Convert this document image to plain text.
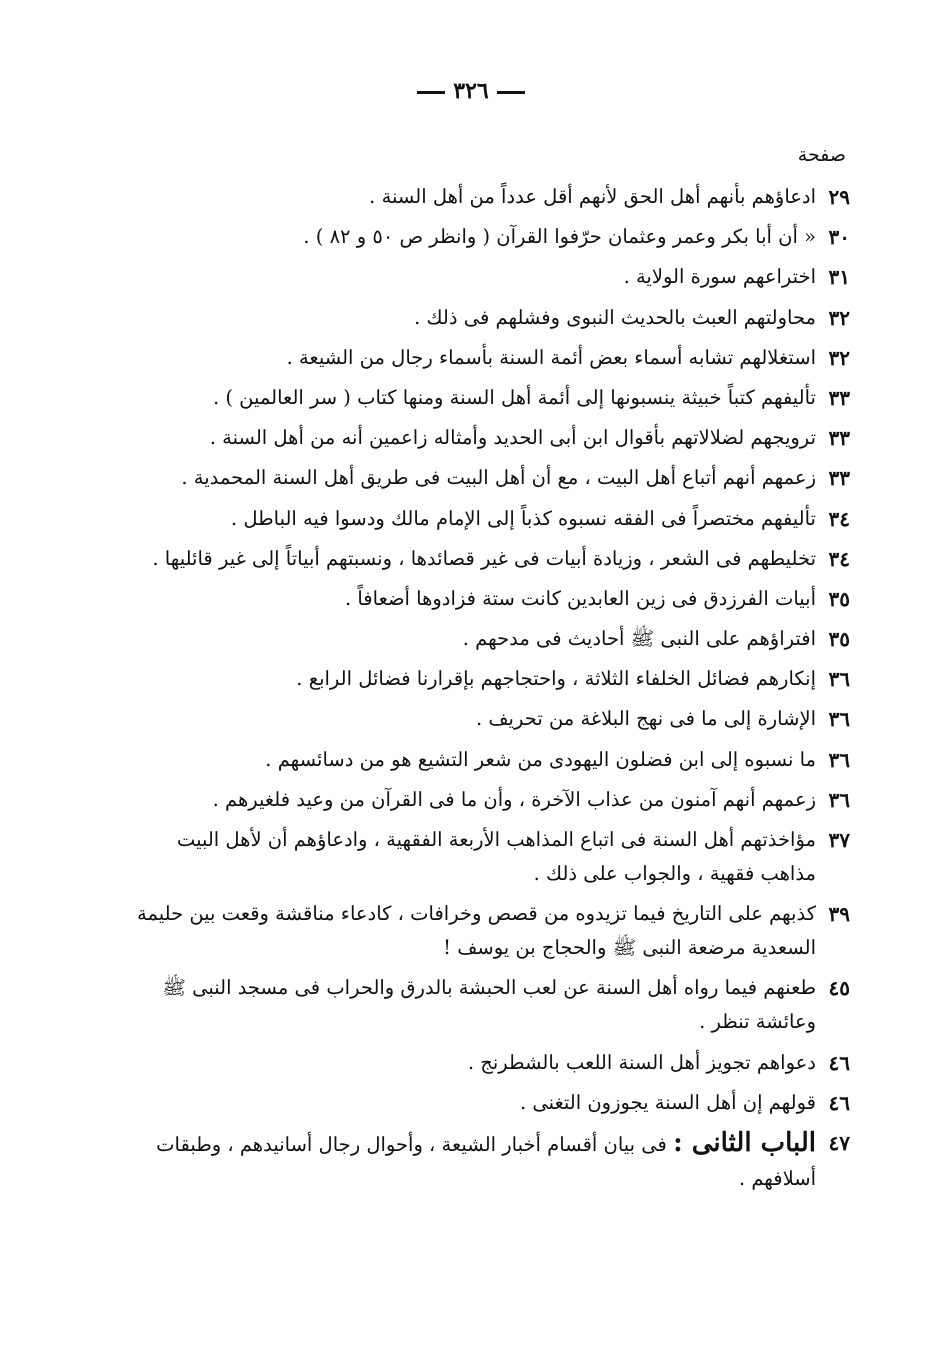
٣٢٦
صفحة
٢٩
ادعاؤهم بأنهم أهل الحق لأنهم أقل عدداً من أهل السنة .
٣٠
« أن أبا بكر وعمر وعثمان حرّفوا القرآن ( وانظر ص ٥٠ و ٨٢ ) .
٣١
اختراعهم سورة الولاية .
٣٢
محاولتهم العبث بالحديث النبوى وفشلهم فى ذلك .
٣٢
استغلالهم تشابه أسماء بعض أئمة السنة بأسماء رجال من الشيعة .
٣٣
تأليفهم كتباً خبيثة ينسبونها إلى أئمة أهل السنة ومنها كتاب ( سر العالمين ) .
٣٣
ترويجهم لضلالاتهم بأقوال ابن أبى الحديد وأمثاله زاعمين أنه من أهل السنة .
٣٣
زعمهم أنهم أتباع أهل البيت ، مع أن أهل البيت فى طريق أهل السنة المحمدية .
٣٤
تأليفهم مختصراً فى الفقه نسبوه كذباً إلى الإمام مالك ودسوا فيه الباطل .
٣٤
تخليطهم فى الشعر ، وزيادة أبيات فى غير قصائدها ، ونسبتهم أبياتاً إلى غير قائليها .
٣٥
أبيات الفرزدق فى زين العابدين كانت ستة فزادوها أضعافاً .
٣٥
افتراؤهم على النبى ﷺ أحاديث فى مدحهم .
٣٦
إنكارهم فضائل الخلفاء الثلاثة ، واحتجاجهم بإقرارنا فضائل الرابع .
٣٦
الإشارة إلى ما فى نهج البلاغة من تحريف .
٣٦
ما نسبوه إلى ابن فضلون اليهودى من شعر التشيع هو من دسائسهم .
٣٦
زعمهم أنهم آمنون من عذاب الآخرة ، وأن ما فى القرآن من وعيد فلغيرهم .
٣٧
مؤاخذتهم أهل السنة فى اتباع المذاهب الأربعة الفقهية ، وادعاؤهم أن لأهل البيت مذاهب فقهية ، والجواب على ذلك .
٣٩
كذبهم على التاريخ فيما تزيدوه من قصص وخرافات ، كادعاء مناقشة وقعت بين حليمة السعدية مرضعة النبى ﷺ والحجاج بن يوسف !
٤٥
طعنهم فيما رواه أهل السنة عن لعب الحبشة بالدرق والحراب فى مسجد النبى ﷺ وعائشة تنظر .
٤٦
دعواهم تجويز أهل السنة اللعب بالشطرنج .
٤٦
قولهم إن أهل السنة يجوزون التغنى .
٤٧
الباب الثانى : فى بيان أقسام أخبار الشيعة ، وأحوال رجال أسانيدهم ، وطبقات أسلافهم .
